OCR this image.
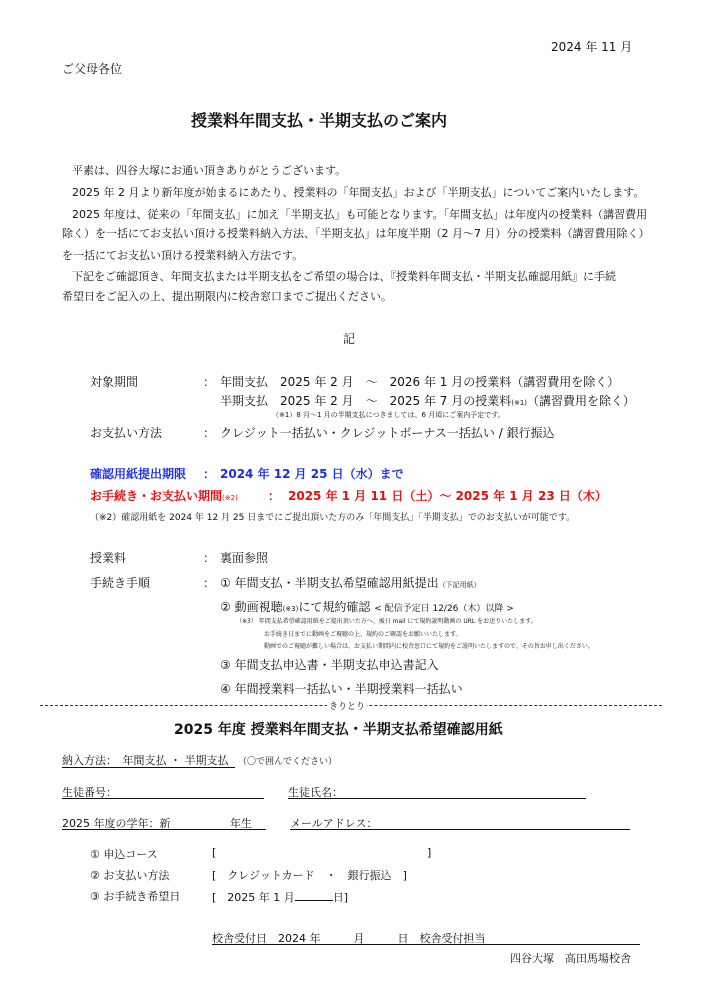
2024 年 11 月
ご父母各位
授業料年間支払・半期支払のご案内
平素は、四谷大塚にお通い頂きありがとうございます。
2025 年 2 月より新年度が始まるにあたり、授業料の「年間支払」および「半期支払」についてご案内いたします。
2025 年度は、従来の「年間支払」に加え「半期支払」も可能となります。「年間支払」は年度内の授業料（講習費用
除く）を一括にてお支払い頂ける授業料納入方法、「半期支払」は年度半期（2 月～7 月）分の授業料（講習費用除く）
を一括にてお支払い頂ける授業料納入方法です。
下記をご確認頂き、年間支払または半期支払をご希望の場合は、『授業料年間支払・半期支払確認用紙』に手続
希望日をご記入の上、提出期限内に校舎窓口までご提出ください。
記
対象期間	： 年間支払　2025 年 2 月　～　2026 年 1 月の授業料（講習費用を除く）
半期支払　2025 年 2 月　～　2025 年 7 月の授業料(※1)（講習費用を除く）
（※1）8 月～1 月の半期支払につきましては、6 月頃にご案内予定です。
お支払い方法	： クレジット一括払い・クレジットボーナス一括払い / 銀行振込
確認用紙提出期限 ： 2024 年 12 月 25 日（水）まで
お手続き・お支払い期間(※2)	： 2025 年 1 月 11 日（土）～ 2025 年 1 月 23 日（木）
（※2）確認用紙を 2024 年 12 月 25 日までにご提出頂いた方のみ「年間支払」「半期支払」でのお支払いが可能です。
授業料	： 裏面参照
手続き手順	： ① 年間支払・半期支払希望確認用紙提出（下記用紙）
② 動画視聴(※3)にて規約確認 < 配信予定日 12/26（木）以降 >
（※3） 年間支払希望確認用紙をご提出頂いた方へ、後日 mail にて規約説明動画の URL をお送りいたします。
お手続き日までに動画をご視聴の上、規約のご確認をお願いいたします。
動画でのご視聴が難しい場合は、お支払い期間内に校舎窓口にて規約をご説明いたしますので、その旨お申し出ください。
③ 年間支払申込書・半期支払申込書記入
④ 年間授業料一括払い・半期授業料一括払い
きりとり
2025 年度 授業料年間支払・半期支払希望確認用紙
納入方法：　 年間支払 ・ 半期支払 （〇で囲んでください）
生徒番号：	生徒氏名：
2025 年度の学年：新	年生	メールアドレス：
① 申込コース	[	]
② お支払い方法	[　クレジットカード　・　銀行振込　]
③ お手続き希望日	[　2025 年 1 月	日]
校舎受付日　2024 年　　　月　　　日　校舎受付担当
四谷大塚　高田馬場校舎
